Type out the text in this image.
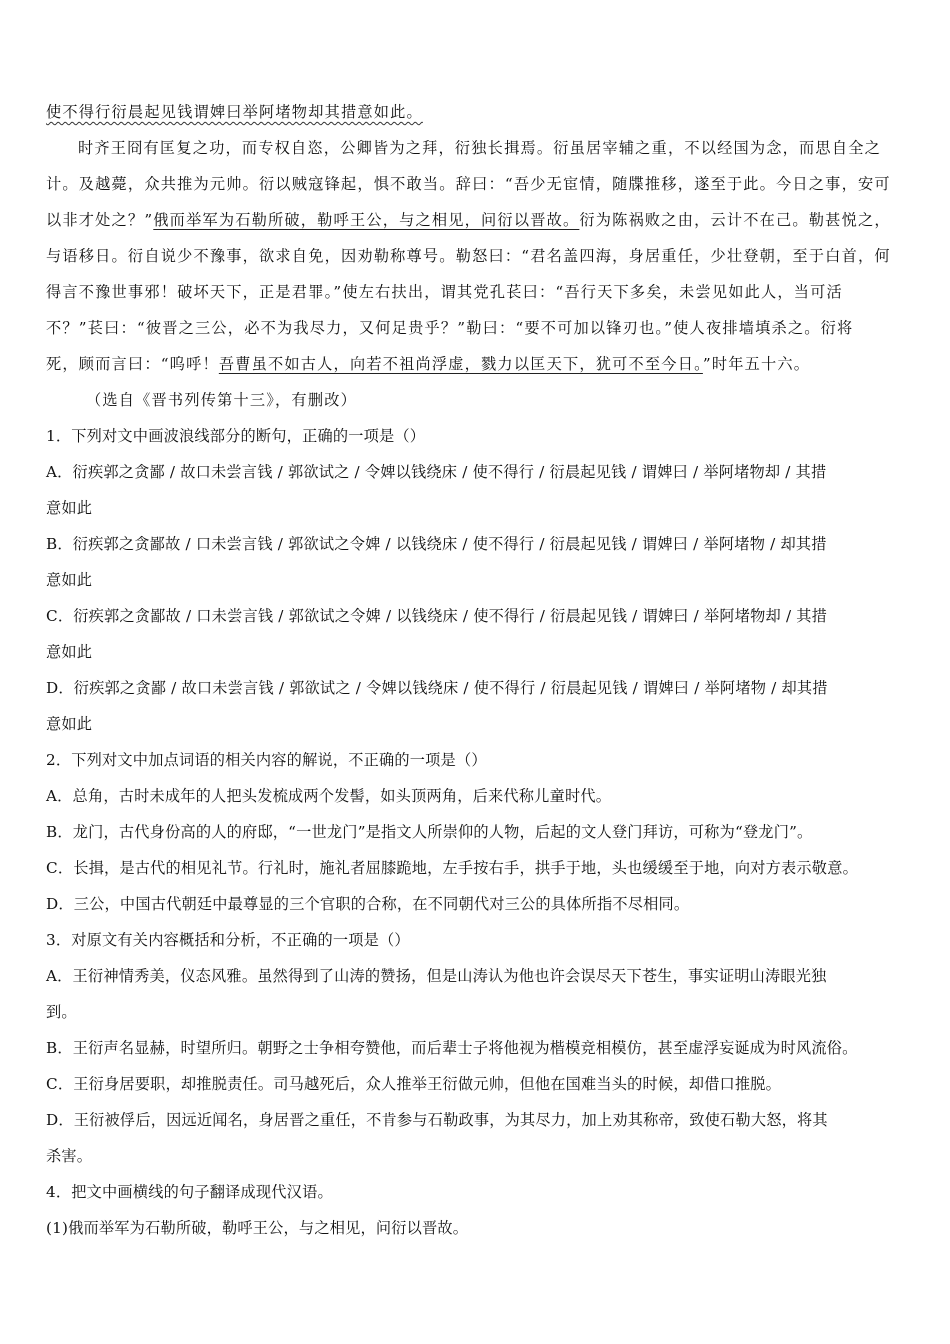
使不得行衍晨起见钱谓婢曰举阿堵物却其措意如此。
时齐王冏有匡复之功，而专权自恣，公卿皆为之拜，衍独长揖焉。衍虽居宰辅之重，不以经国为念，而思自全之
计。及越薨，众共推为元帅。衍以贼寇锋起，惧不敢当。辞曰：“吾少无宦情，随牒推移，遂至于此。今日之事，安可
以非才处之？”俄而举军为石勒所破，勒呼王公，与之相见，问衍以晋故。衍为陈祸败之由，云计不在己。勒甚悦之，
与语移日。衍自说少不豫事，欲求自免，因劝勒称尊号。勒怒曰：“君名盖四海，身居重任，少壮登朝，至于白首，何
得言不豫世事邪！破坏天下，正是君罪。”使左右扶出，谓其党孔苌曰：“吾行天下多矣，未尝见如此人，当可活
不？”苌曰：“彼晋之三公，必不为我尽力，又何足贵乎？”勒曰：“要不可加以锋刃也。”使人夜排墙填杀之。衍将
死，顾而言曰：“呜呼！吾曹虽不如古人，向若不祖尚浮虚，戮力以匡天下，犹可不至今日。”时年五十六。
（选自《晋书列传第十三》，有删改）
1．下列对文中画波浪线部分的断句，正确的一项是（）
A．衍疾郭之贪鄙 / 故口未尝言钱 / 郭欲试之 / 令婢以钱绕床 / 使不得行 / 衍晨起见钱 / 谓婢曰 / 举阿堵物却 / 其措
意如此
B．衍疾郭之贪鄙故 / 口未尝言钱 / 郭欲试之令婢 / 以钱绕床 / 使不得行 / 衍晨起见钱 / 谓婢曰 / 举阿堵物 / 却其措
意如此
C．衍疾郭之贪鄙故 / 口未尝言钱 / 郭欲试之令婢 / 以钱绕床 / 使不得行 / 衍晨起见钱 / 谓婢曰 / 举阿堵物却 / 其措
意如此
D．衍疾郭之贪鄙 / 故口未尝言钱 / 郭欲试之 / 令婢以钱绕床 / 使不得行 / 衍晨起见钱 / 谓婢曰 / 举阿堵物 / 却其措
意如此
2．下列对文中加点词语的相关内容的解说，不正确的一项是（）
A．总角，古时未成年的人把头发梳成两个发髻，如头顶两角，后来代称儿童时代。
B．龙门，古代身份高的人的府邸，“一世龙门”是指文人所崇仰的人物，后起的文人登门拜访，可称为“登龙门”。
C．长揖，是古代的相见礼节。行礼时，施礼者屈膝跪地，左手按右手，拱手于地，头也缓缓至于地，向对方表示敬意。
D．三公，中国古代朝廷中最尊显的三个官职的合称，在不同朝代对三公的具体所指不尽相同。
3．对原文有关内容概括和分析，不正确的一项是（）
A．王衍神情秀美，仪态风雅。虽然得到了山涛的赞扬，但是山涛认为他也许会误尽天下苍生，事实证明山涛眼光独
到。
B．王衍声名显赫，时望所归。朝野之士争相夸赞他，而后辈士子将他视为楷模竞相模仿，甚至虚浮妄诞成为时风流俗。
C．王衍身居要职，却推脱责任。司马越死后，众人推举王衍做元帅，但他在国难当头的时候，却借口推脱。
D．王衍被俘后，因远近闻名，身居晋之重任，不肯参与石勒政事，为其尽力，加上劝其称帝，致使石勒大怒，将其
杀害。
4．把文中画横线的句子翻译成现代汉语。
(1)俄而举军为石勒所破，勒呼王公，与之相见，问衍以晋故。
